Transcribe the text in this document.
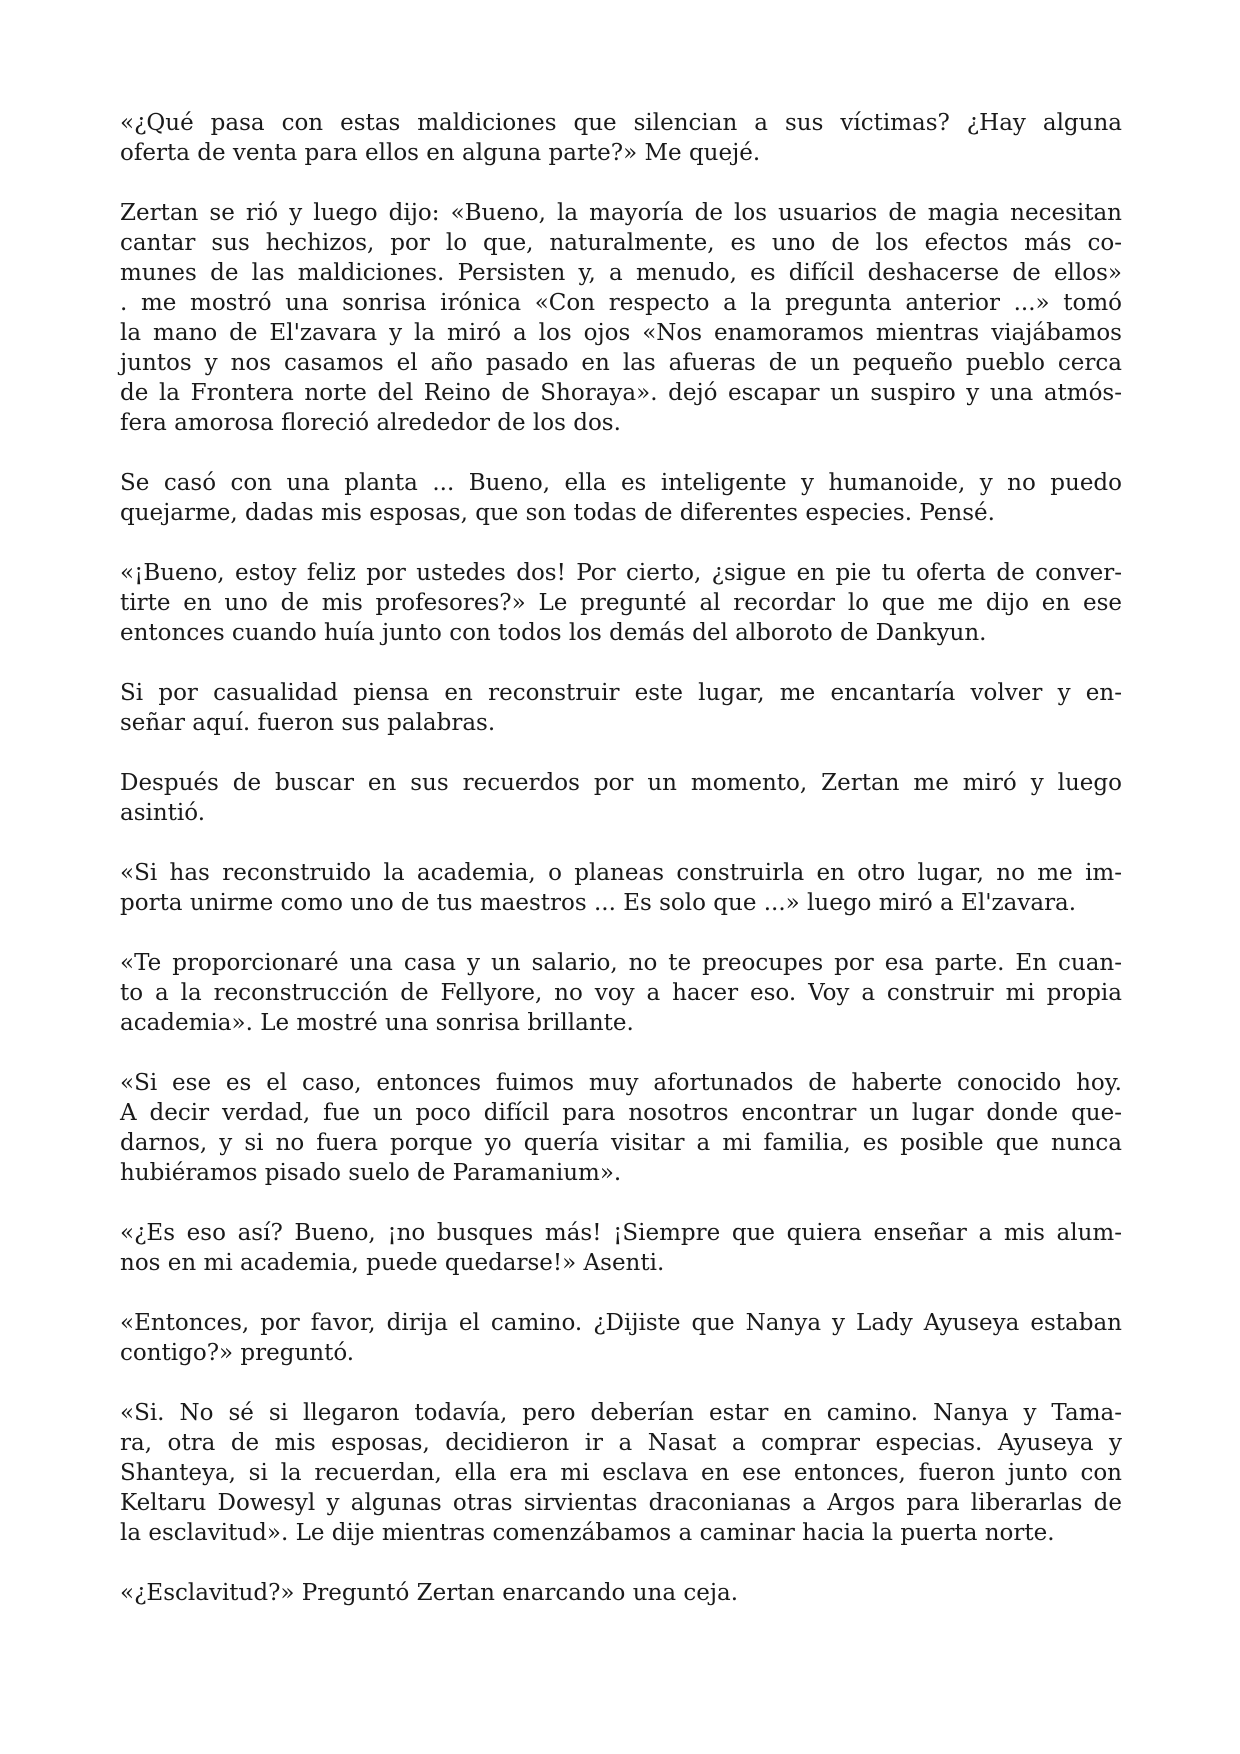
«¿Qué pasa con estas maldiciones que silencian a sus víctimas? ¿Hay alguna
oferta de venta para ellos en alguna parte?» Me quejé.
Zertan se rió y luego dijo: «Bueno, la mayoría de los usuarios de magia necesitan
cantar sus hechizos, por lo que, naturalmente, es uno de los efectos más co-
munes de las maldiciones. Persisten y, a menudo, es difícil deshacerse de ellos»
. me mostró una sonrisa irónica «Con respecto a la pregunta anterior ...» tomó
la mano de El'zavara y la miró a los ojos «Nos enamoramos mientras viajábamos
juntos y nos casamos el año pasado en las afueras de un pequeño pueblo cerca
de la Frontera norte del Reino de Shoraya». dejó escapar un suspiro y una atmós-
fera amorosa floreció alrededor de los dos.
Se casó con una planta ... Bueno, ella es inteligente y humanoide, y no puedo
quejarme, dadas mis esposas, que son todas de diferentes especies. Pensé.
«¡Bueno, estoy feliz por ustedes dos! Por cierto, ¿sigue en pie tu oferta de conver-
tirte en uno de mis profesores?» Le pregunté al recordar lo que me dijo en ese
entonces cuando huía junto con todos los demás del alboroto de Dankyun.
Si por casualidad piensa en reconstruir este lugar, me encantaría volver y en-
señar aquí. fueron sus palabras.
Después de buscar en sus recuerdos por un momento, Zertan me miró y luego
asintió.
«Si has reconstruido la academia, o planeas construirla en otro lugar, no me im-
porta unirme como uno de tus maestros ... Es solo que ...» luego miró a El'zavara.
«Te proporcionaré una casa y un salario, no te preocupes por esa parte. En cuan-
to a la reconstrucción de Fellyore, no voy a hacer eso. Voy a construir mi propia
academia». Le mostré una sonrisa brillante.
«Si ese es el caso, entonces fuimos muy afortunados de haberte conocido hoy.
A decir verdad, fue un poco difícil para nosotros encontrar un lugar donde que-
darnos, y si no fuera porque yo quería visitar a mi familia, es posible que nunca
hubiéramos pisado suelo de Paramanium».
«¿Es eso así? Bueno, ¡no busques más! ¡Siempre que quiera enseñar a mis alum-
nos en mi academia, puede quedarse!» Asenti.
«Entonces, por favor, dirija el camino. ¿Dijiste que Nanya y Lady Ayuseya estaban
contigo?» preguntó.
«Si. No sé si llegaron todavía, pero deberían estar en camino. Nanya y Tama-
ra, otra de mis esposas, decidieron ir a Nasat a comprar especias. Ayuseya y
Shanteya, si la recuerdan, ella era mi esclava en ese entonces, fueron junto con
Keltaru Dowesyl y algunas otras sirvientas draconianas a Argos para liberarlas de
la esclavitud». Le dije mientras comenzábamos a caminar hacia la puerta norte.
«¿Esclavitud?» Preguntó Zertan enarcando una ceja.
